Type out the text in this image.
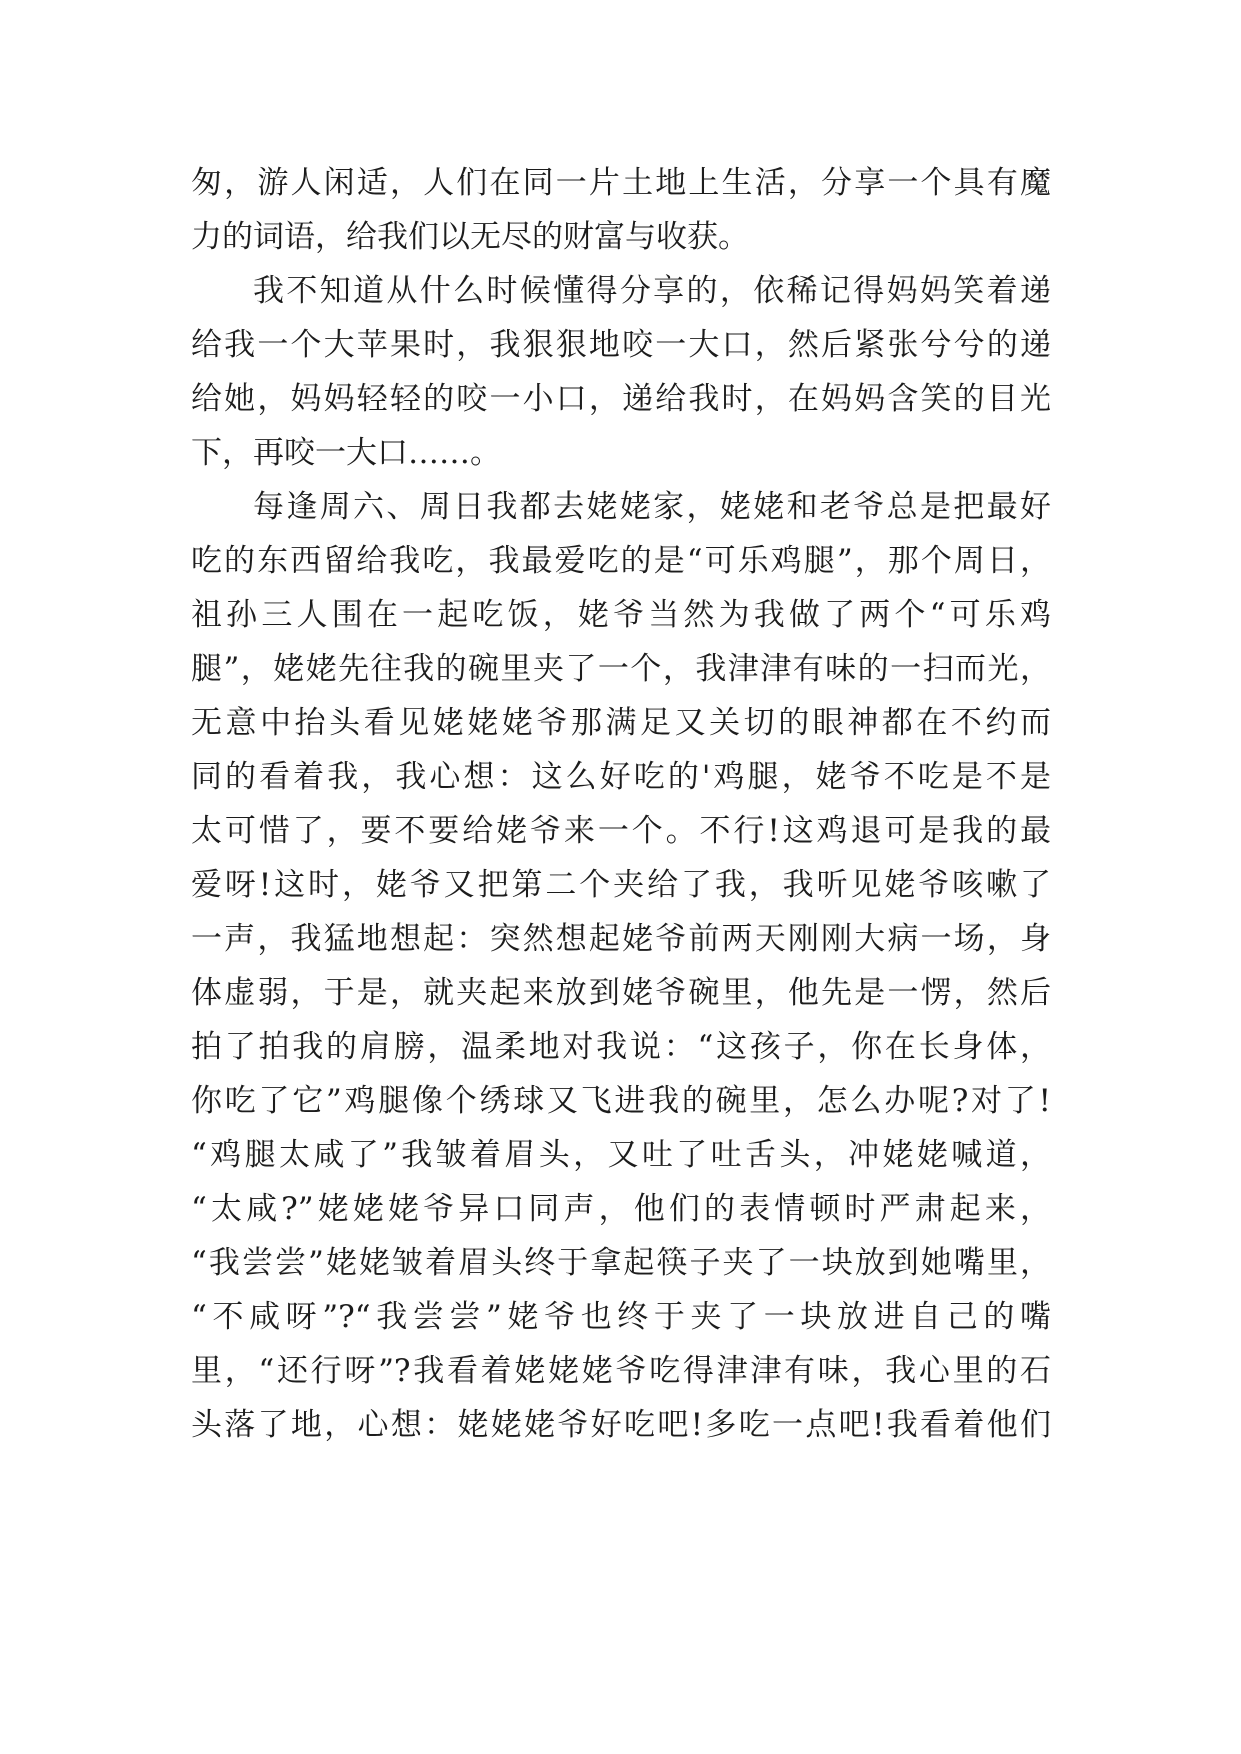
匆，游人闲适，人们在同一片土地上生活，分享一个具有魔
力的词语，给我们以无尽的财富与收获。
我不知道从什么时候懂得分享的，依稀记得妈妈笑着递
给我一个大苹果时，我狠狠地咬一大口，然后紧张兮兮的递
给她，妈妈轻轻的咬一小口，递给我时，在妈妈含笑的目光
下，再咬一大口……。
每逢周六、周日我都去姥姥家，姥姥和老爷总是把最好
吃的东西留给我吃，我最爱吃的是“可乐鸡腿”，那个周日，
祖孙三人围在一起吃饭，姥爷当然为我做了两个“可乐鸡
腿”，姥姥先往我的碗里夹了一个，我津津有味的一扫而光，
无意中抬头看见姥姥姥爷那满足又关切的眼神都在不约而
同的看着我，我心想：这么好吃的'鸡腿，姥爷不吃是不是
太可惜了，要不要给姥爷来一个。不行!这鸡退可是我的最
爱呀!这时，姥爷又把第二个夹给了我，我听见姥爷咳嗽了
一声，我猛地想起：突然想起姥爷前两天刚刚大病一场，身
体虚弱，于是，就夹起来放到姥爷碗里，他先是一愣，然后
拍了拍我的肩膀，温柔地对我说：“这孩子，你在长身体，
你吃了它”鸡腿像个绣球又飞进我的碗里，怎么办呢?对了!
“鸡腿太咸了”我皱着眉头，又吐了吐舌头，冲姥姥喊道，
“太咸?”姥姥姥爷异口同声，他们的表情顿时严肃起来，
“我尝尝”姥姥皱着眉头终于拿起筷子夹了一块放到她嘴里，
“不咸呀”?“我尝尝”姥爷也终于夹了一块放进自己的嘴
里，“还行呀”?我看着姥姥姥爷吃得津津有味，我心里的石
头落了地，心想：姥姥姥爷好吃吧!多吃一点吧!我看着他们
